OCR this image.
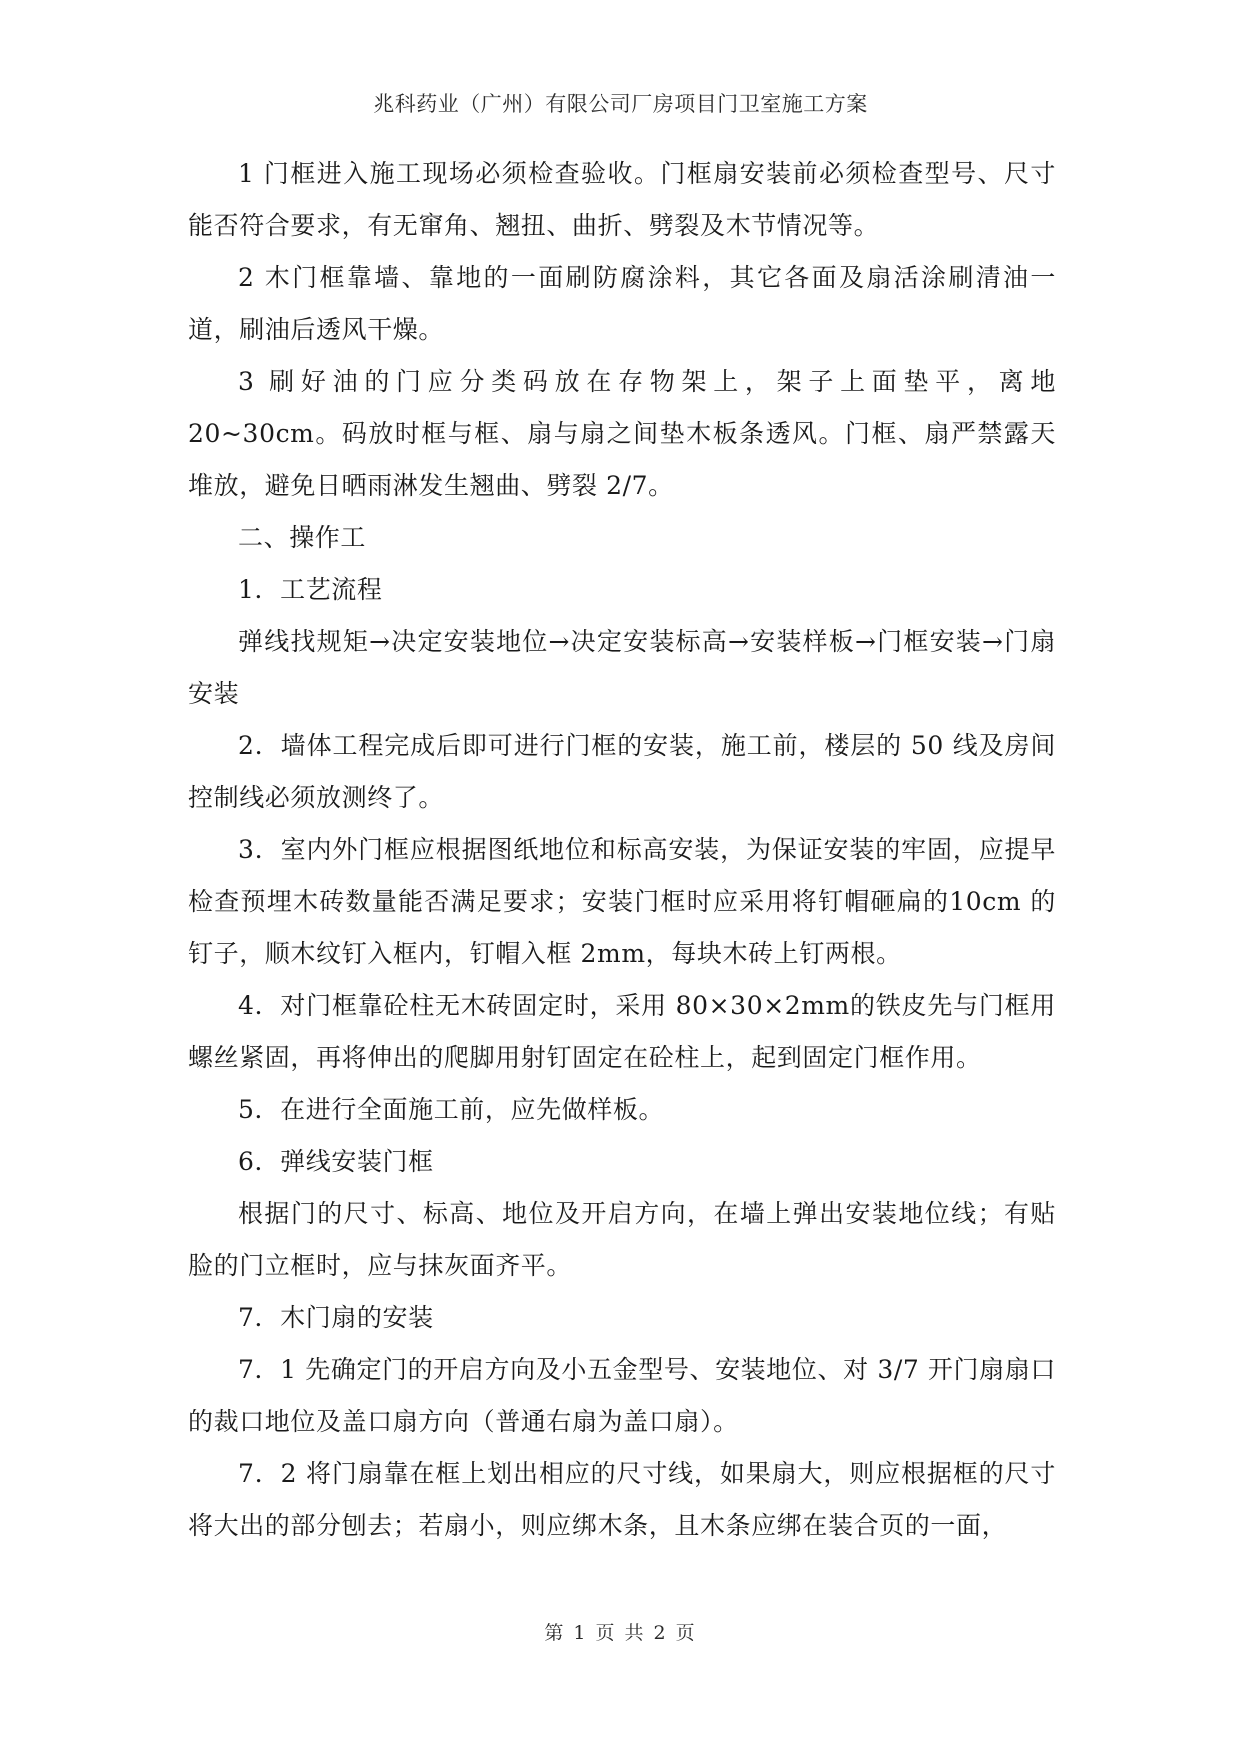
兆科药业（广州）有限公司厂房项目门卫室施工方案

1 门框进入施工现场必须检查验收。门框扇安装前必须检查型号、尺寸能否符合要求，有无窜角、翘扭、曲折、劈裂及木节情况等。

2 木门框靠墙、靠地的一面刷防腐涂料，其它各面及扇活涂刷清油一道，刷油后透风干燥。

3 刷好油的门应分类码放在存物架上，架子上面垫平，离地 20~30cm。码放时框与框、扇与扇之间垫木板条透风。门框、扇严禁露天堆放，避免日晒雨淋发生翘曲、劈裂 2/7。

二、操作工

1．工艺流程

弹线找规矩→决定安装地位→决定安装标高→安装样板→门框安装→门扇安装

2．墙体工程完成后即可进行门框的安装，施工前，楼层的 50 线及房间控制线必须放测终了。

3．室内外门框应根据图纸地位和标高安装，为保证安装的牢固，应提早检查预埋木砖数量能否满足要求；安装门框时应采用将钉帽砸扁的10cm 的钉子，顺木纹钉入框内，钉帽入框 2mm，每块木砖上钉两根。

4．对门框靠砼柱无木砖固定时，采用 80×30×2mm的铁皮先与门框用螺丝紧固，再将伸出的爬脚用射钉固定在砼柱上，起到固定门框作用。

5．在进行全面施工前，应先做样板。

6．弹线安装门框

根据门的尺寸、标高、地位及开启方向，在墙上弹出安装地位线；有贴脸的门立框时，应与抹灰面齐平。

7．木门扇的安装

7．1 先确定门的开启方向及小五金型号、安装地位、对 3/7 开门扇扇口的裁口地位及盖口扇方向（普通右扇为盖口扇）。

7．2 将门扇靠在框上划出相应的尺寸线，如果扇大，则应根据框的尺寸将大出的部分刨去；若扇小，则应绑木条，且木条应绑在装合页的一面，

第 1 页 共 2 页
